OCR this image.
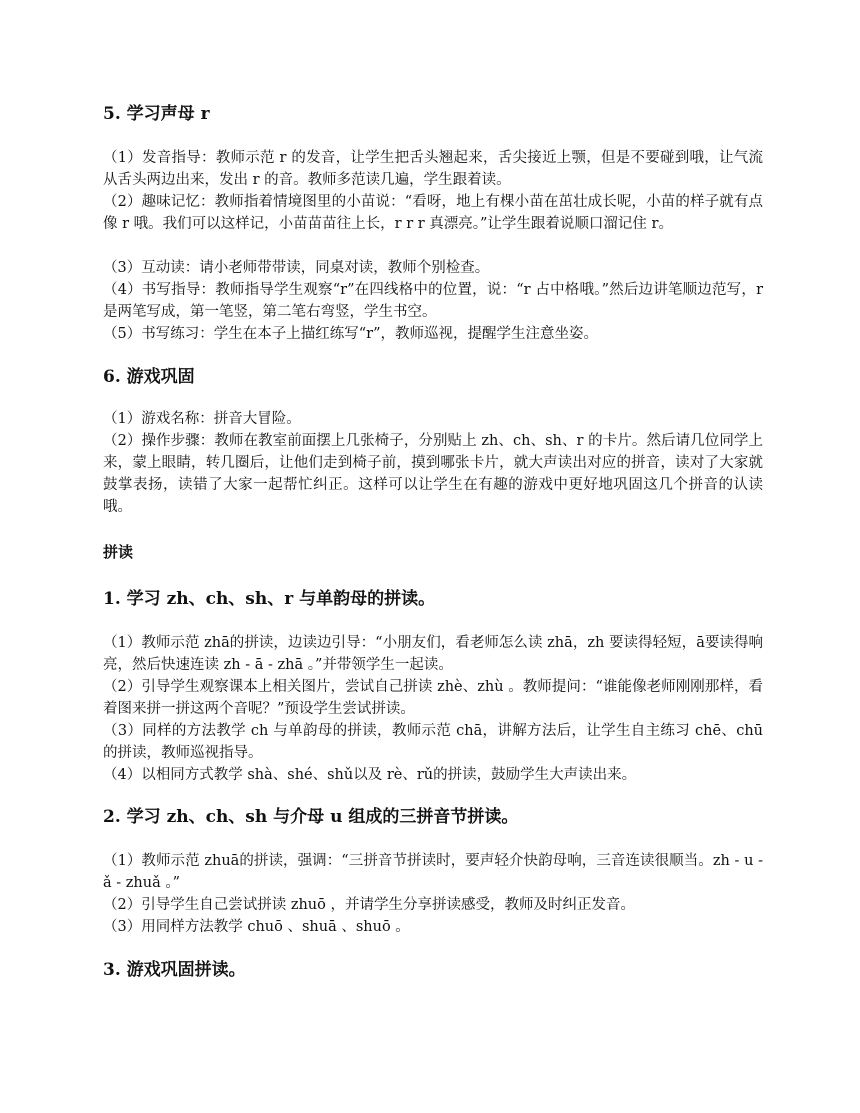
5. 学习声母 r

（1）发音指导：教师示范 r 的发音，让学生把舌头翘起来，舌尖接近上颚，但是不要碰到哦，让气流从舌头两边出来，发出 r 的音。教师多范读几遍，学生跟着读。

（2）趣味记忆：教师指着情境图里的小苗说：“看呀，地上有棵小苗在茁壮成长呢，小苗的样子就有点像 r 哦。我们可以这样记，小苗苗苗往上长，r r r 真漂亮。”让学生跟着说顺口溜记住 r。

（3）互动读：请小老师带带读，同桌对读，教师个别检查。

（4）书写指导：教师指导学生观察“r”在四线格中的位置，说：“r 占中格哦。”然后边讲笔顺边范写，r 是两笔写成，第一笔竖，第二笔右弯竖，学生书空。

（5）书写练习：学生在本子上描红练写“r”，教师巡视，提醒学生注意坐姿。

6. 游戏巩固

（1）游戏名称：拼音大冒险。

（2）操作步骤：教师在教室前面摆上几张椅子，分别贴上 zh、ch、sh、r 的卡片。然后请几位同学上来，蒙上眼睛，转几圈后，让他们走到椅子前，摸到哪张卡片，就大声读出对应的拼音，读对了大家就鼓掌表扬，读错了大家一起帮忙纠正。这样可以让学生在有趣的游戏中更好地巩固这几个拼音的认读哦。

拼读
1. 学习 zh、ch、sh、r 与单韵母的拼读。

（1）教师示范 zhā的拼读，边读边引导：“小朋友们，看老师怎么读 zhā，zh 要读得轻短，ā要读得响亮，然后快速连读 zh - ā - zhā 。”并带领学生一起读。

（2）引导学生观察课本上相关图片，尝试自己拼读 zhè、zhù 。教师提问：“谁能像老师刚刚那样，看着图来拼一拼这两个音呢？”预设学生尝试拼读。

（3）同样的方法教学 ch 与单韵母的拼读，教师示范 chā，讲解方法后，让学生自主练习 chē、chū的拼读，教师巡视指导。

（4）以相同方式教学 shà、shé、shǔ以及 rè、rǔ的拼读，鼓励学生大声读出来。

2. 学习 zh、ch、sh 与介母 u 组成的三拼音节拼读。

（1）教师示范 zhuā的拼读，强调：“三拼音节拼读时，要声轻介快韵母响，三音连读很顺当。zh - u - ǎ - zhuǎ 。”

（2）引导学生自己尝试拼读 zhuō ，并请学生分享拼读感受，教师及时纠正发音。

（3）用同样方法教学 chuō 、shuā 、shuō 。

3. 游戏巩固拼读。
